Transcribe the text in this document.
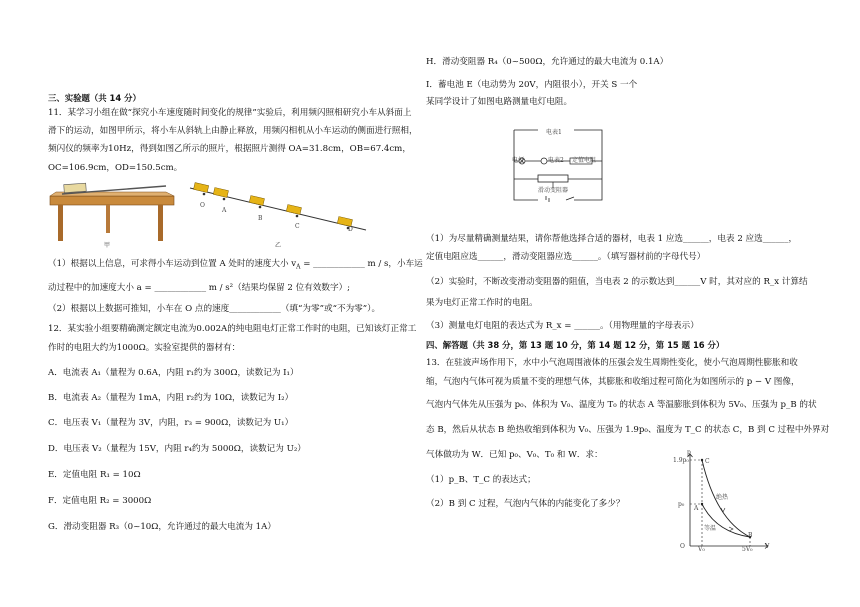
三、实验题（共 14 分）
11．某学习小组在做“探究小车速度随时间变化的规律”实验后，利用频闪照相研究小车从斜面上
滑下的运动，如图甲所示，将小车从斜轨上由静止释放，用频闪相机从小车运动的侧面进行照相，
频闪仪的频率为10Hz，得到如图乙所示的照片，根据照片测得 OA=31.8cm，OB=67.4cm，
OC=106.9cm，OD=150.5cm。
甲
O
A
B
C	D
乙
（1）根据以上信息，可求得小车运动到位置 A 处时的速度大小 $v_A$ = ____________ m / s，小车运
动过程中的加速度大小 a = ____________ m / s²（结果均保留 2 位有效数字）;
（2）根据以上数据可推知，小车在 O 点的速度____________（填“为零”或“不为零”）。
12．某实验小组要精确测定额定电流为0.002A的纯电阻电灯正常工作时的电阻，已知该灯正常工
作时的电阻大约为1000Ω。实验室提供的器材有：
A．电流表 A₁（量程为 0.6A，内阻 r₁约为 300Ω，读数记为 I₁）
B．电流表 A₂（量程为 1mA，内阻 r₂约为 10Ω，读数记为 I₂）
C．电压表 V₁（量程为 3V，内阻，r₃ = 900Ω，读数记为 U₁）
D．电压表 V₂（量程为 15V，内阻 r₄约为 5000Ω，读数记为 U₂）
E．定值电阻 R₁ = 10Ω
F．定值电阻 R₂ = 3000Ω
G．滑动变阻器 R₃（0~10Ω，允许通过的最大电流为 1A）
H．滑动变阻器 R₄（0~500Ω，允许通过的最大电流为 0.1A）
I．蓄电池 E（电动势为 20V，内阻很小），开关 S 一个
某同学设计了如图电路测量电灯电阻。
电表1
电灯	电表2 定值电阻
滑动变阻器
（1）为尽量精确测量结果，请你帮他选择合适的器材，电表 1 应选______，电表 2 应选______，
定值电阻应选______，滑动变阻器应选______。（填写器材前的字母代号）
（2）实验时，不断改变滑动变阻器的阻值，当电表 2 的示数达到______V 时，其对应的 R_x 计算结
果为电灯正常工作时的电阻。
（3）测量电灯电阻的表达式为 R_x = ______。（用物理量的字母表示）
四、解答题（共 38 分，第 13 题 10 分，第 14 题 12 分，第 15 题 16 分）
13．在驻波声场作用下，水中小气泡周围液体的压强会发生周期性变化，使小气泡周期性膨胀和收
缩，气泡内气体可视为质量不变的理想气体，其膨胀和收缩过程可简化为如图所示的 p − V 图像，
气泡内气体先从压强为 p₀、体积为 V₀、温度为 T₀ 的状态 A 等温膨胀到体积为 5V₀、压强为 p_B 的状
态 B，然后从状态 B 绝热收缩到体积为 V₀、压强为 1.9p₀、温度为 T_C 的状态 C，B 到 C 过程中外界对
气体做功为 W．已知 p₀、V₀、T₀ 和 W．求：
（1）p_B、T_C 的表达式；
（2）B 到 C 过程，气泡内气体的内能变化了多少？
p
V
O
1.9p₀
p₀
V₀	5V₀
C
A
B
绝热
等温
